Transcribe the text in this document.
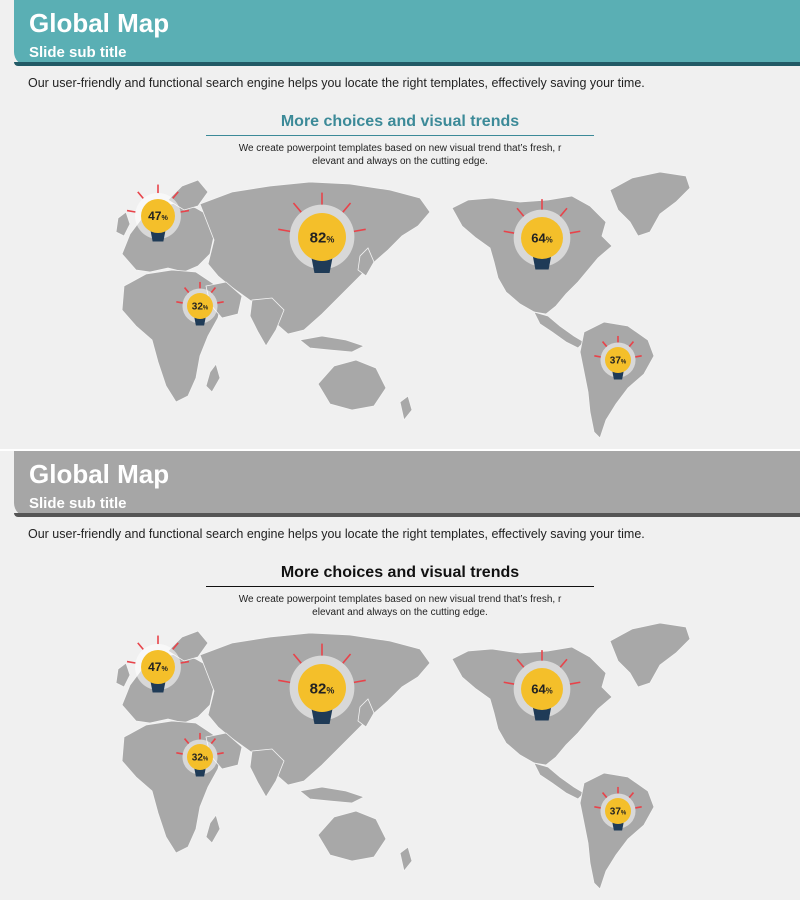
47%
82%
32%
64%
37%
Global Map
Slide sub title
Our user-friendly and functional search engine helps you locate the right templates, effectively saving your time.
More choices and visual trends
We create powerpoint templates based on new visual trend that’s fresh, r
elevant and always on the cutting edge.
47%
82%
32%
64%
37%
Global Map
Slide sub title
Our user-friendly and functional search engine helps you locate the right templates, effectively saving your time.
More choices and visual trends
We create powerpoint templates based on new visual trend that’s fresh, r
elevant and always on the cutting edge.
